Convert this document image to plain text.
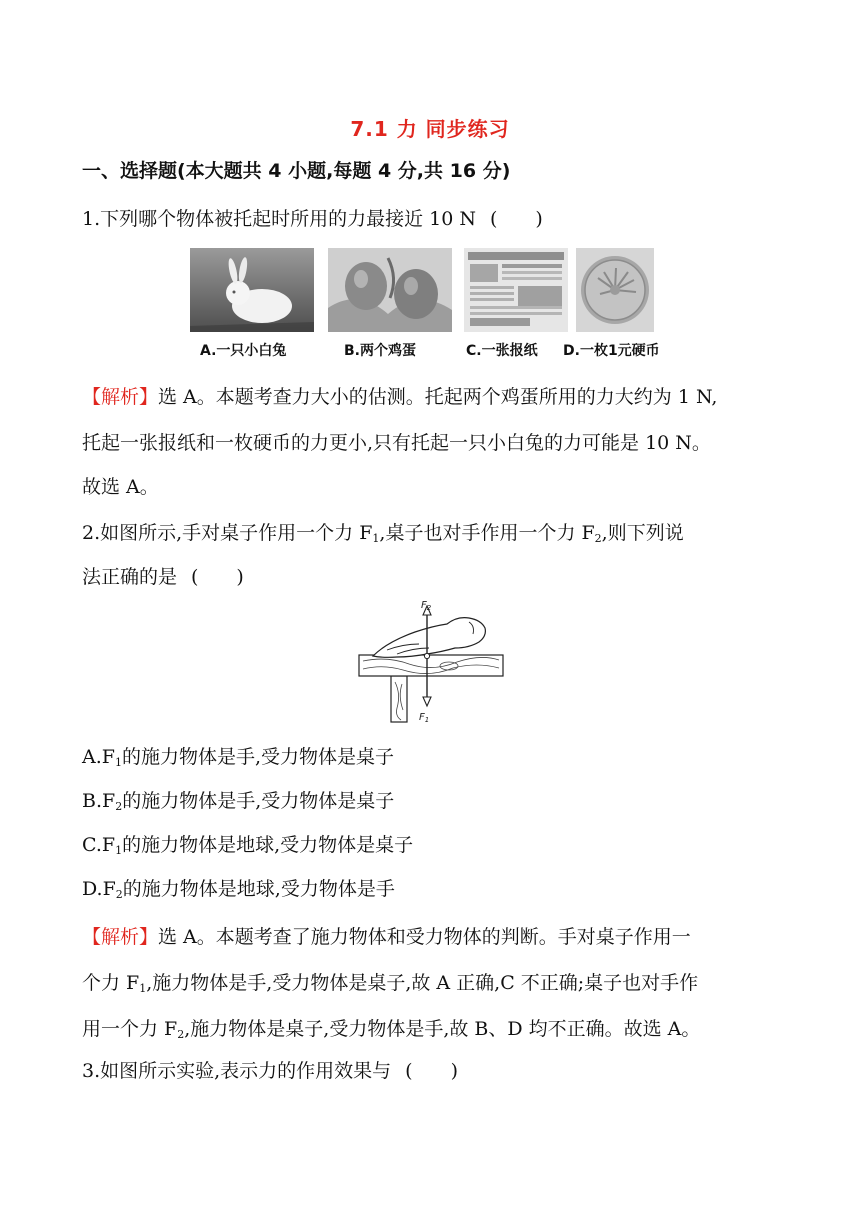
7.1 力 同步练习
一、选择题(本大题共 4 小题,每题 4 分,共 16 分)
1.下列哪个物体被托起时所用的力最接近 10 N (　　)
A.一只小白兔	B.两个鸡蛋	C.一张报纸 D.一枚1元硬币
【解析】选 A。本题考查力大小的估测。托起两个鸡蛋所用的力大约为 1 N,
托起一张报纸和一枚硬币的力更小,只有托起一只小白兔的力可能是 10 N。
故选 A。
2.如图所示,手对桌子作用一个力 $F_1$,桌子也对手作用一个力 $F_2$,则下列说
法正确的是 (　　)
$F_2$
$F_1$
$A.F_1$的施力物体是手,受力物体是桌子
$B.F_2$的施力物体是手,受力物体是桌子
$C.F_1$的施力物体是地球,受力物体是桌子
$D.F_2$的施力物体是地球,受力物体是手
【解析】选 A。本题考查了施力物体和受力物体的判断。手对桌子作用一
个力 $F_1$,施力物体是手,受力物体是桌子,故 A 正确,C 不正确;桌子也对手作
用一个力 $F_2$,施力物体是桌子,受力物体是手,故 B、D 均不正确。故选 A。
3.如图所示实验,表示力的作用效果与 (　　)
